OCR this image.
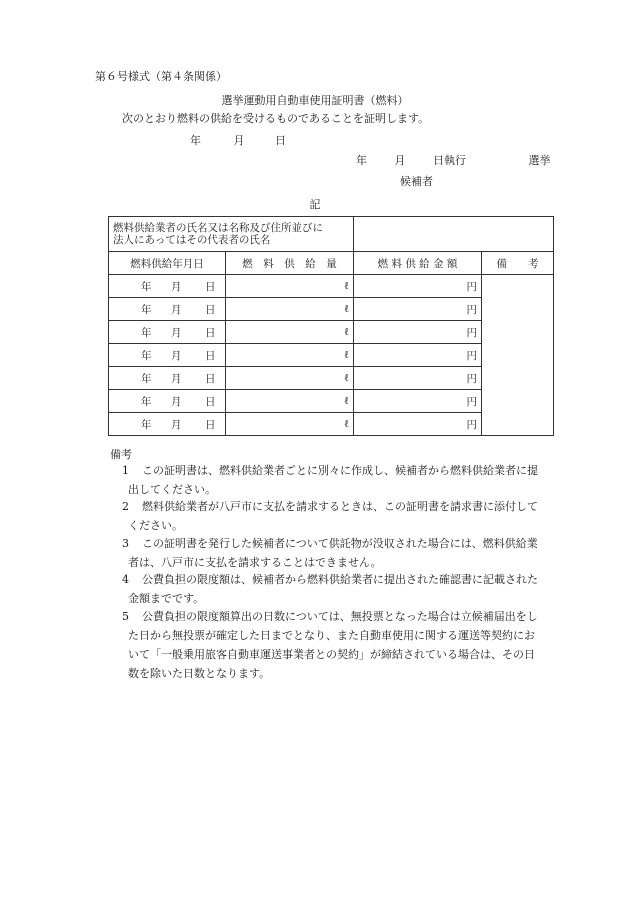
第６号様式（第４条関係）
選挙運動用自動車使用証明書（燃料）
次のとおり燃料の供給を受けるものであることを証明します。
年	月	日
年	月	日執行	選挙
候補者
記
燃料供給業者の氏名又は名称及び住所並びに
法人にあってはその代表者の氏名			

燃料供給年月日	燃　料　供　給　量	燃 料 供 給 金 額	備　　考
年 月 日	ℓ	円	
年 月 日	ℓ	円	
年 月 日	ℓ	円	
年 月 日	ℓ	円	
年 月 日	ℓ	円	
年 月 日	ℓ	円	
年 月 日	ℓ	円	
備考
1 この証明書は、燃料供給業者ごとに別々に作成し、候補者から燃料供給業者に提
出してください。
2 燃料供給業者が八戸市に支払を請求するときは、この証明書を請求書に添付して
ください。
3 この証明書を発行した候補者について供託物が没収された場合には、燃料供給業
者は、八戸市に支払を請求することはできません。
4 公費負担の限度額は、候補者から燃料供給業者に提出された確認書に記載された
金額までです。
5 公費負担の限度額算出の日数については、無投票となった場合は立候補届出をし
た日から無投票が確定した日までとなり、また自動車使用に関する運送等契約にお
いて「一般乗用旅客自動車運送事業者との契約」が締結されている場合は、その日
数を除いた日数となります。
